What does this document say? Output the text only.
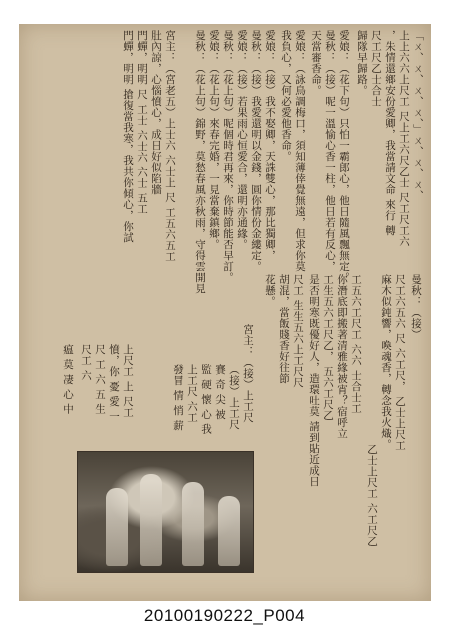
「ㄨ、ㄨ、ㄨ、ㄨ、」ㄨ、ㄨ、ㄨ、
上上六六上尺工 尺上工六尺乙士 尺工尺工六
，朱情還鄉安份愛卿，我當請文命 來行 轉
尺工尺乙士合士
歸隊早歸路。
愛娘：（花下句）只怕一霸郎心，他日隨風飄無定。
曼秋：（接）呢一溫愉心香一柱，他日若有反心，
天當審香命。
愛娘：（詠鳥調梅口，須知薄倖覺無遠，但求你莫
我負心，又何必愛他香命。
愛娘：（接）我不娶卿，天誅雙心，那比獨卿，
曼秋：（接）我愛還明以金錢，圓你情份金縷定。
愛娘：（接）若果雨心恒愛合，還明亦通緣。
曼秋：（花上句）呢個時君再來，你時節能否早訂。
愛娘：（花上句）來春完婚，一見當棄鎮鄉。
曼秋：（花上句）錦野，莫愁春風亦秋雨，守得雲開見
宮主：（宮老五）上士六 六士上 尺 工五六五工
肚內諒，心惱憤心，成日好似陷牆
門蟬，明明 尺 工士 六士六 六士 五工
門蟬，明明 搶復當我寒，我共你傾心，你試
曼秋：（接）
尺工六五六 尺 六工尺， 乙士上尺工
麻木似鈍響，喚魂香，轉念我火熾。
乙士上尺工 六工尺乙
工五六工尺工 六六 士合士工
你潛底即搬著清雅緣被宵？宿呼立
工生五六工尺乙， 五六工尺乙
是否明寒既優好人，造環吐莫 請到貼近成日
尺工 生生五六上工尺尺
胡混，當飯賤香好往節
花懸。
宮主：（接）上工尺
（接）上工尺
賽 奇 尖 被
監 硬 懷 心 我
上工尺 六工
發冒 情 悄 薪
上尺工 上 尺工
憤，你 憂 愛 一
尺 工 六 五 生
尺工 六
瘟 莫 凄 心 中
20100190222_P004
